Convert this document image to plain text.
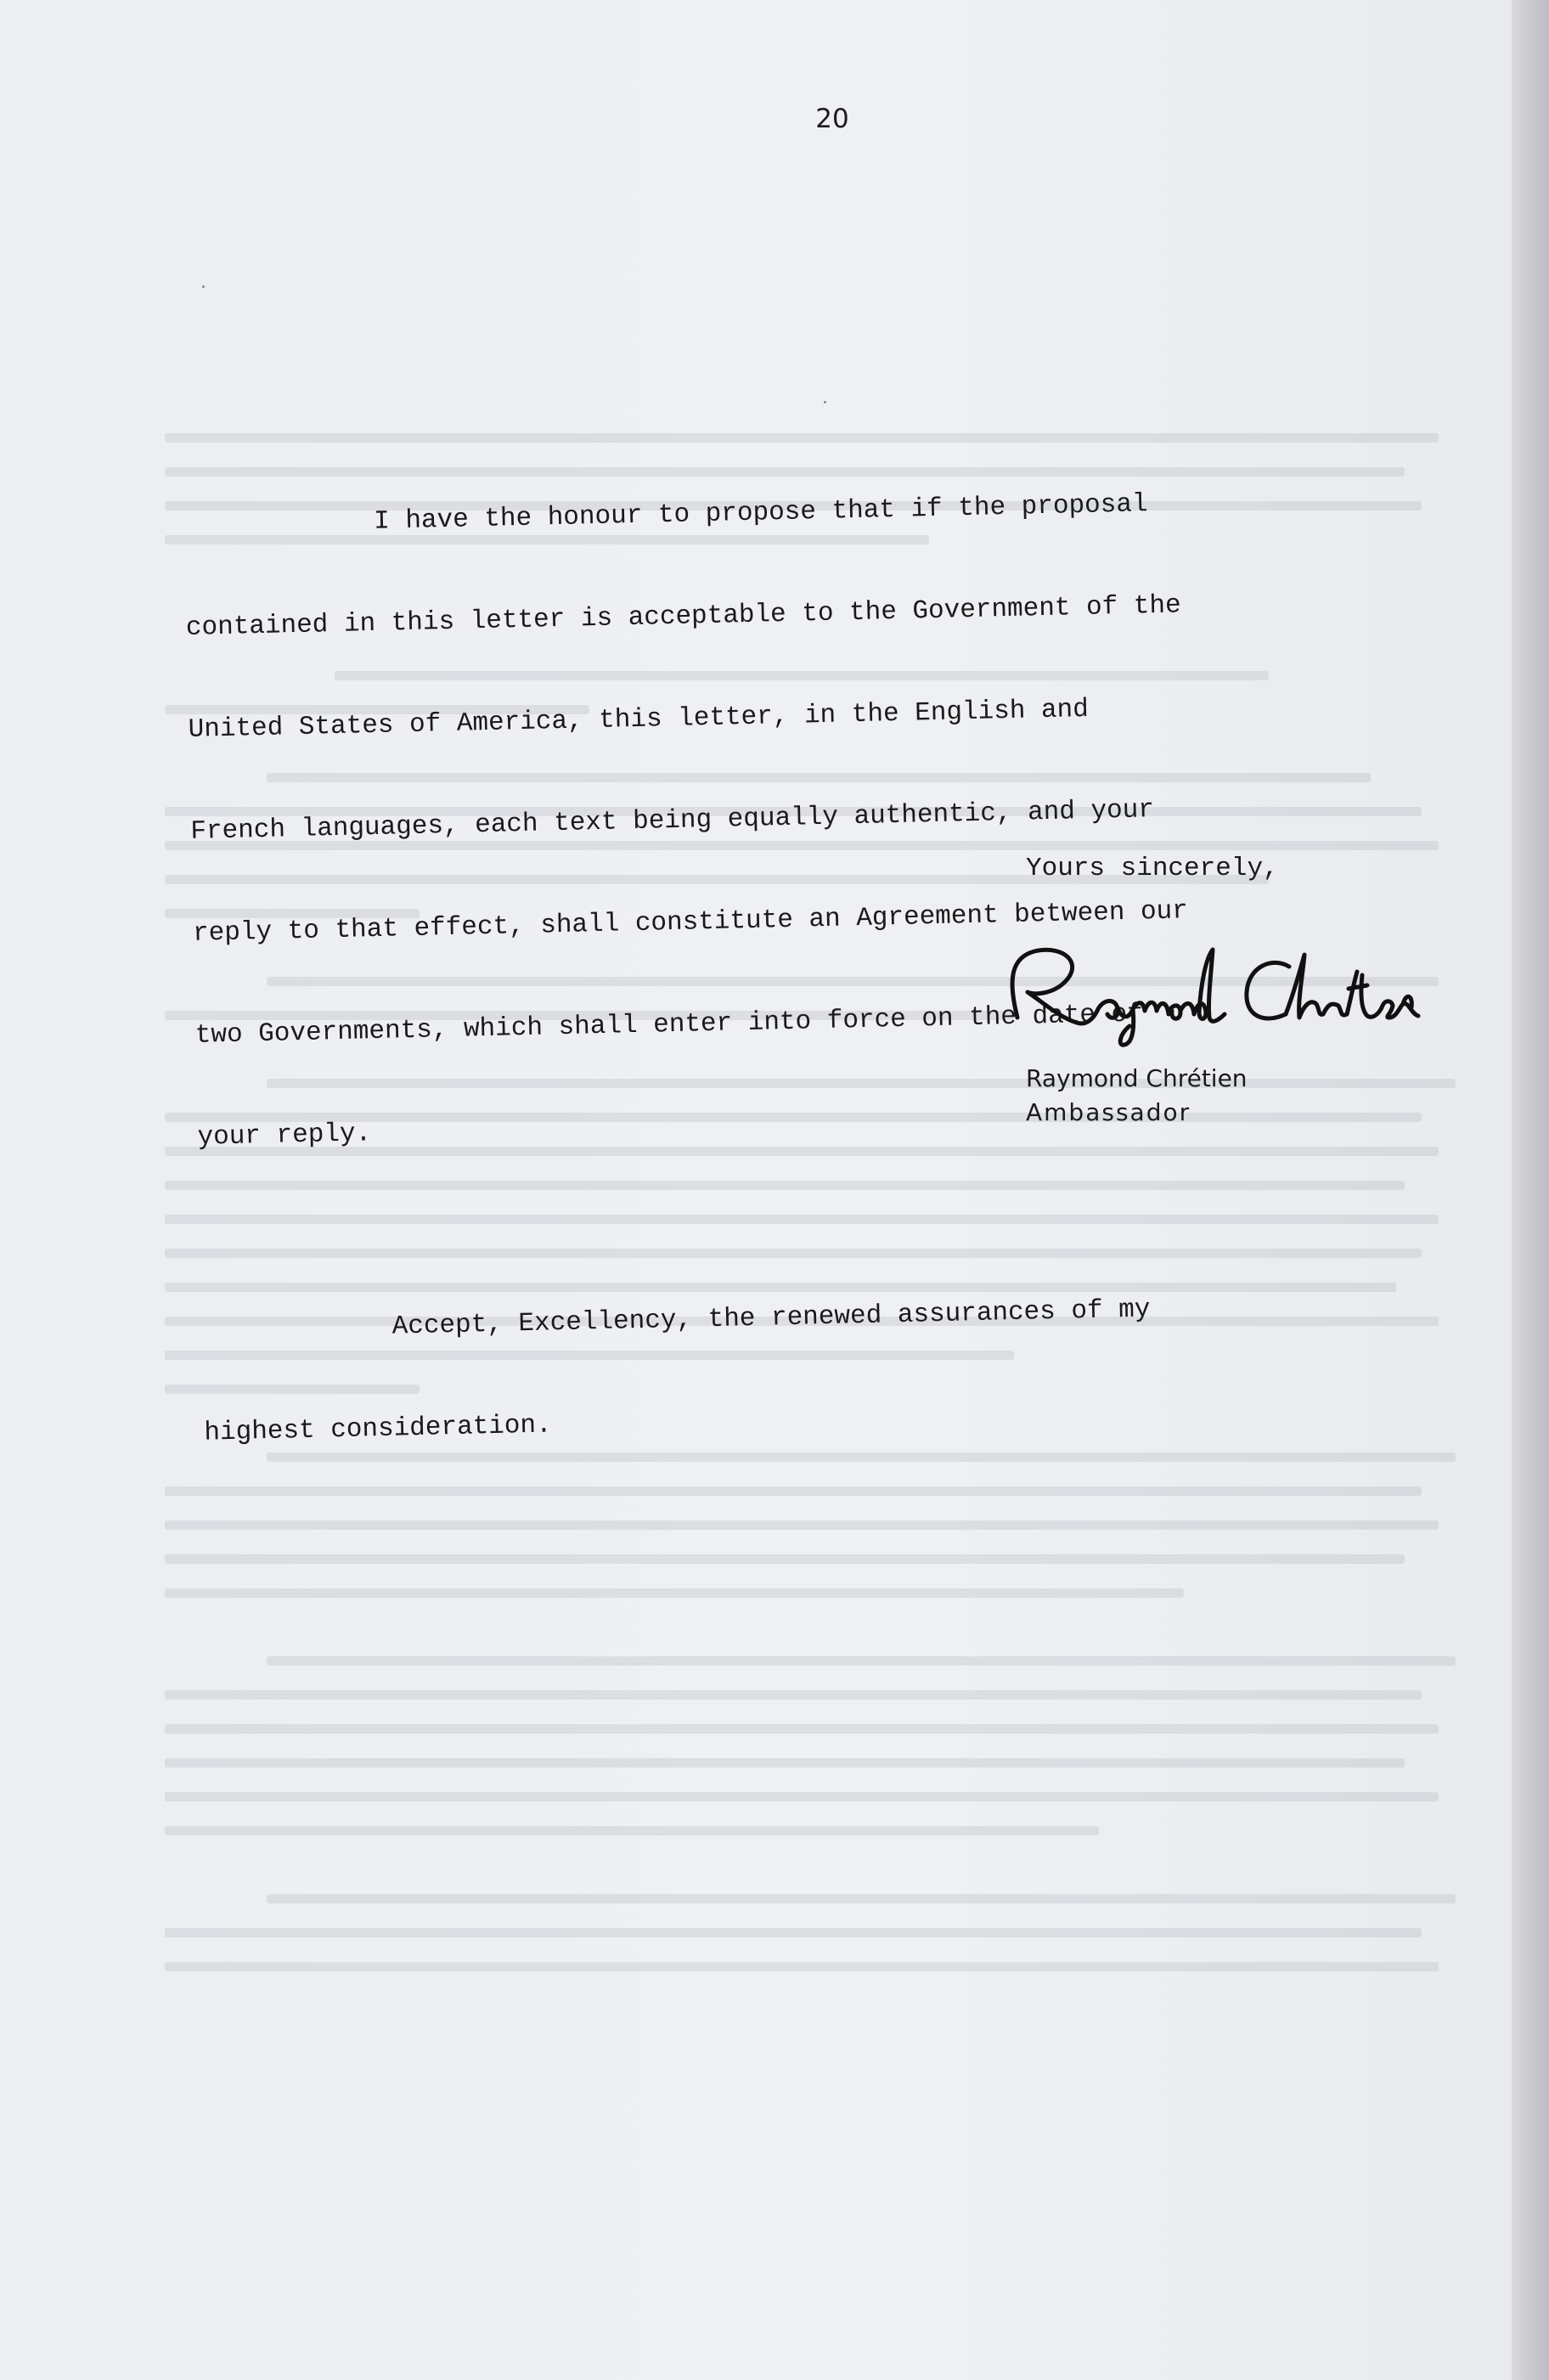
20

I have the honour to propose that if the proposal

contained in this letter is acceptable to the Government of the

United States of America, this letter, in the English and

French languages, each text being equally authentic, and your

reply to that effect, shall constitute an Agreement between our

two Governments, which shall enter into force on the date of

your reply.

Accept, Excellency, the renewed assurances of my

highest consideration.

Yours sincerely,
Raymond Chrétien
Ambassador
